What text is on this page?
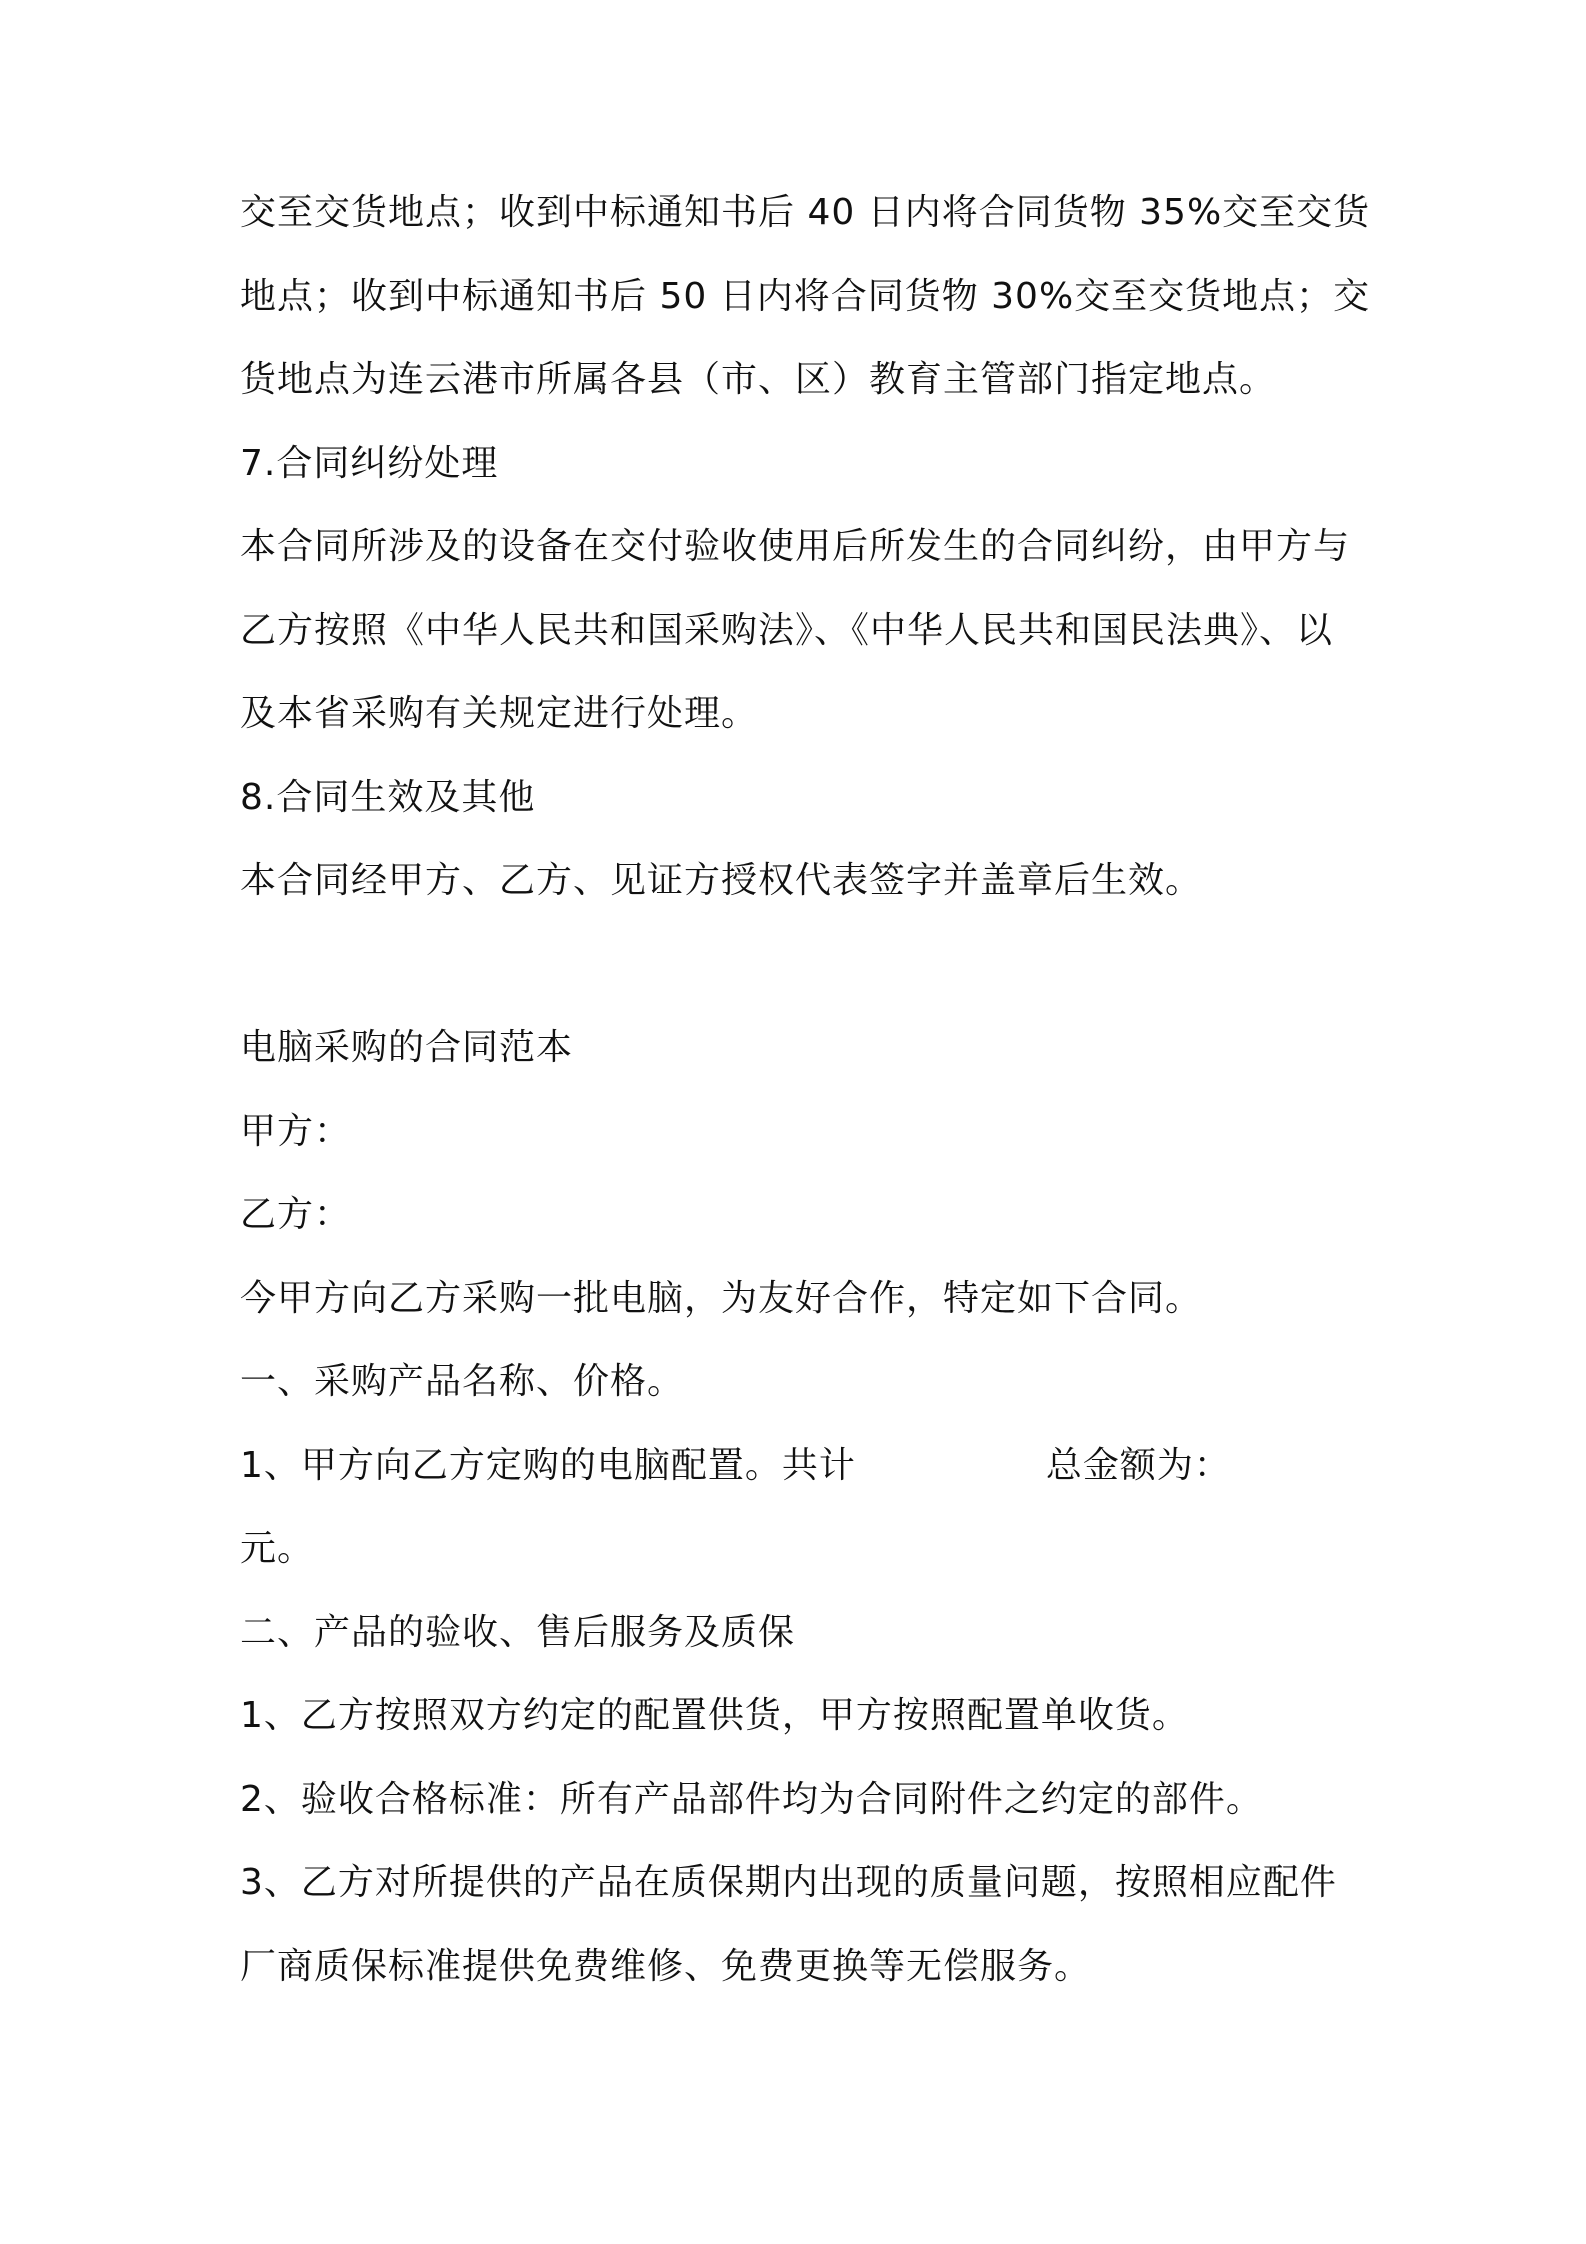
交至交货地点；收到中标通知书后 40 日内将合同货物 35%交至交货
地点；收到中标通知书后 50 日内将合同货物 30%交至交货地点；交
货地点为连云港市所属各县（市、区）教育主管部门指定地点。
7.合同纠纷处理
本合同所涉及的设备在交付验收使用后所发生的合同纠纷，由甲方与
乙方按照《中华人民共和国采购法》、《中华人民共和国民法典》、以
及本省采购有关规定进行处理。
8.合同生效及其他
本合同经甲方、乙方、见证方授权代表签字并盖章后生效。
电脑采购的合同范本
甲方：
乙方：
今甲方向乙方采购一批电脑，为友好合作，特定如下合同。
一、采购产品名称、价格。
1、甲方向乙方定购的电脑配置。共计	总金额为：
元。
二、产品的验收、售后服务及质保
1、乙方按照双方约定的配置供货，甲方按照配置单收货。
2、验收合格标准：所有产品部件均为合同附件之约定的部件。
3、乙方对所提供的产品在质保期内出现的质量问题，按照相应配件
厂商质保标准提供免费维修、免费更换等无偿服务。
